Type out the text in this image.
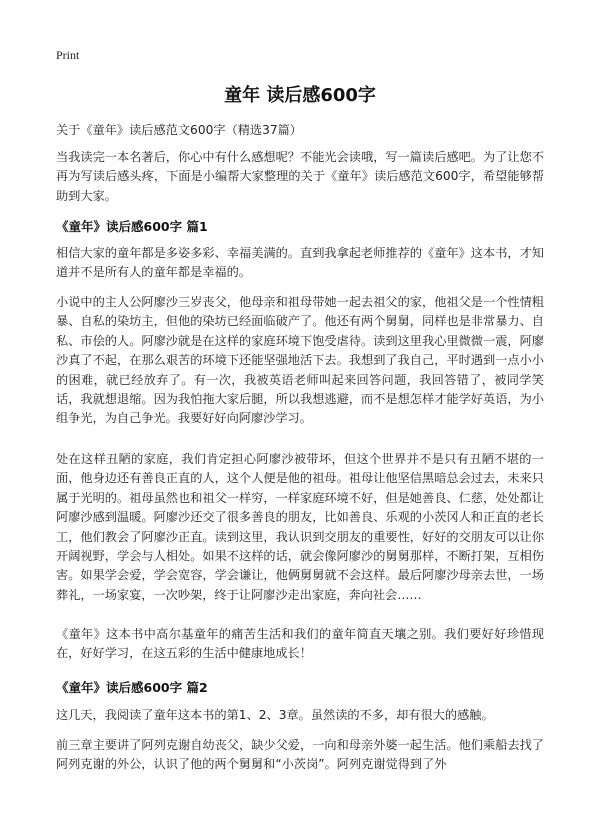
Print
童年 读后感600字
关于《童年》读后感范文600字（精选37篇）

当我读完一本名著后，你心中有什么感想呢？不能光会读哦，写一篇读后感吧。为了让您不再为写读后感头疼，下面是小编帮大家整理的关于《童年》读后感范文600字，希望能够帮助到大家。

《童年》读后感600字 篇1

相信大家的童年都是多姿多彩、幸福美满的。直到我拿起老师推荐的《童年》这本书，才知道并不是所有人的童年都是幸福的。

小说中的主人公阿廖沙三岁丧父，他母亲和祖母带她一起去祖父的家，他祖父是一个性情粗暴、自私的染坊主，但他的染坊已经面临破产了。他还有两个舅舅，同样也是非常暴力、自私、市侩的人。阿廖沙就是在这样的家庭环境下饱受虐待。读到这里我心里微微一震，阿廖沙真了不起，在那么艰苦的环境下还能坚强地活下去。我想到了我自己，平时遇到一点小小的困难，就已经放弃了。有一次，我被英语老师叫起来回答问题，我回答错了，被同学笑话，我就想退缩。因为我怕拖大家后腿，所以我想逃避，而不是想怎样才能学好英语，为小组争光，为自己争光。我要好好向阿廖沙学习。

处在这样丑陋的家庭，我们肯定担心阿廖沙被带坏，但这个世界并不是只有丑陋不堪的一面，他身边还有善良正直的人，这个人便是他的祖母。祖母让他坚信黑暗总会过去，未来只属于光明的。祖母虽然也和祖父一样穷，一样家庭环境不好，但是她善良、仁慈，处处都让阿廖沙感到温暖。阿廖沙还交了很多善良的朋友，比如善良、乐观的小茨冈人和正直的老长工，他们教会了阿廖沙正直。读到这里，我认识到交朋友的重要性，好好的交朋友可以让你开阔视野，学会与人相处。如果不这样的话，就会像阿廖沙的舅舅那样，不断打架，互相伤害。如果学会爱，学会宽容，学会谦让，他俩舅舅就不会这样。最后阿廖沙母亲去世，一场葬礼，一场家宴，一次吵架，终于让阿廖沙走出家庭，奔向社会……

《童年》这本书中高尔基童年的痛苦生活和我们的童年简直天壤之别。我们要好好珍惜现在，好好学习，在这五彩的生活中健康地成长！

《童年》读后感600字 篇2

这几天，我阅读了童年这本书的第1、2、3章。虽然读的不多，却有很大的感触。

前三章主要讲了阿列克谢自幼丧父，缺少父爱，一向和母亲外婆一起生活。他们乘船去找了阿列克谢的外公，认识了他的两个舅舅和“小茨岗”。阿列克谢觉得到了外
